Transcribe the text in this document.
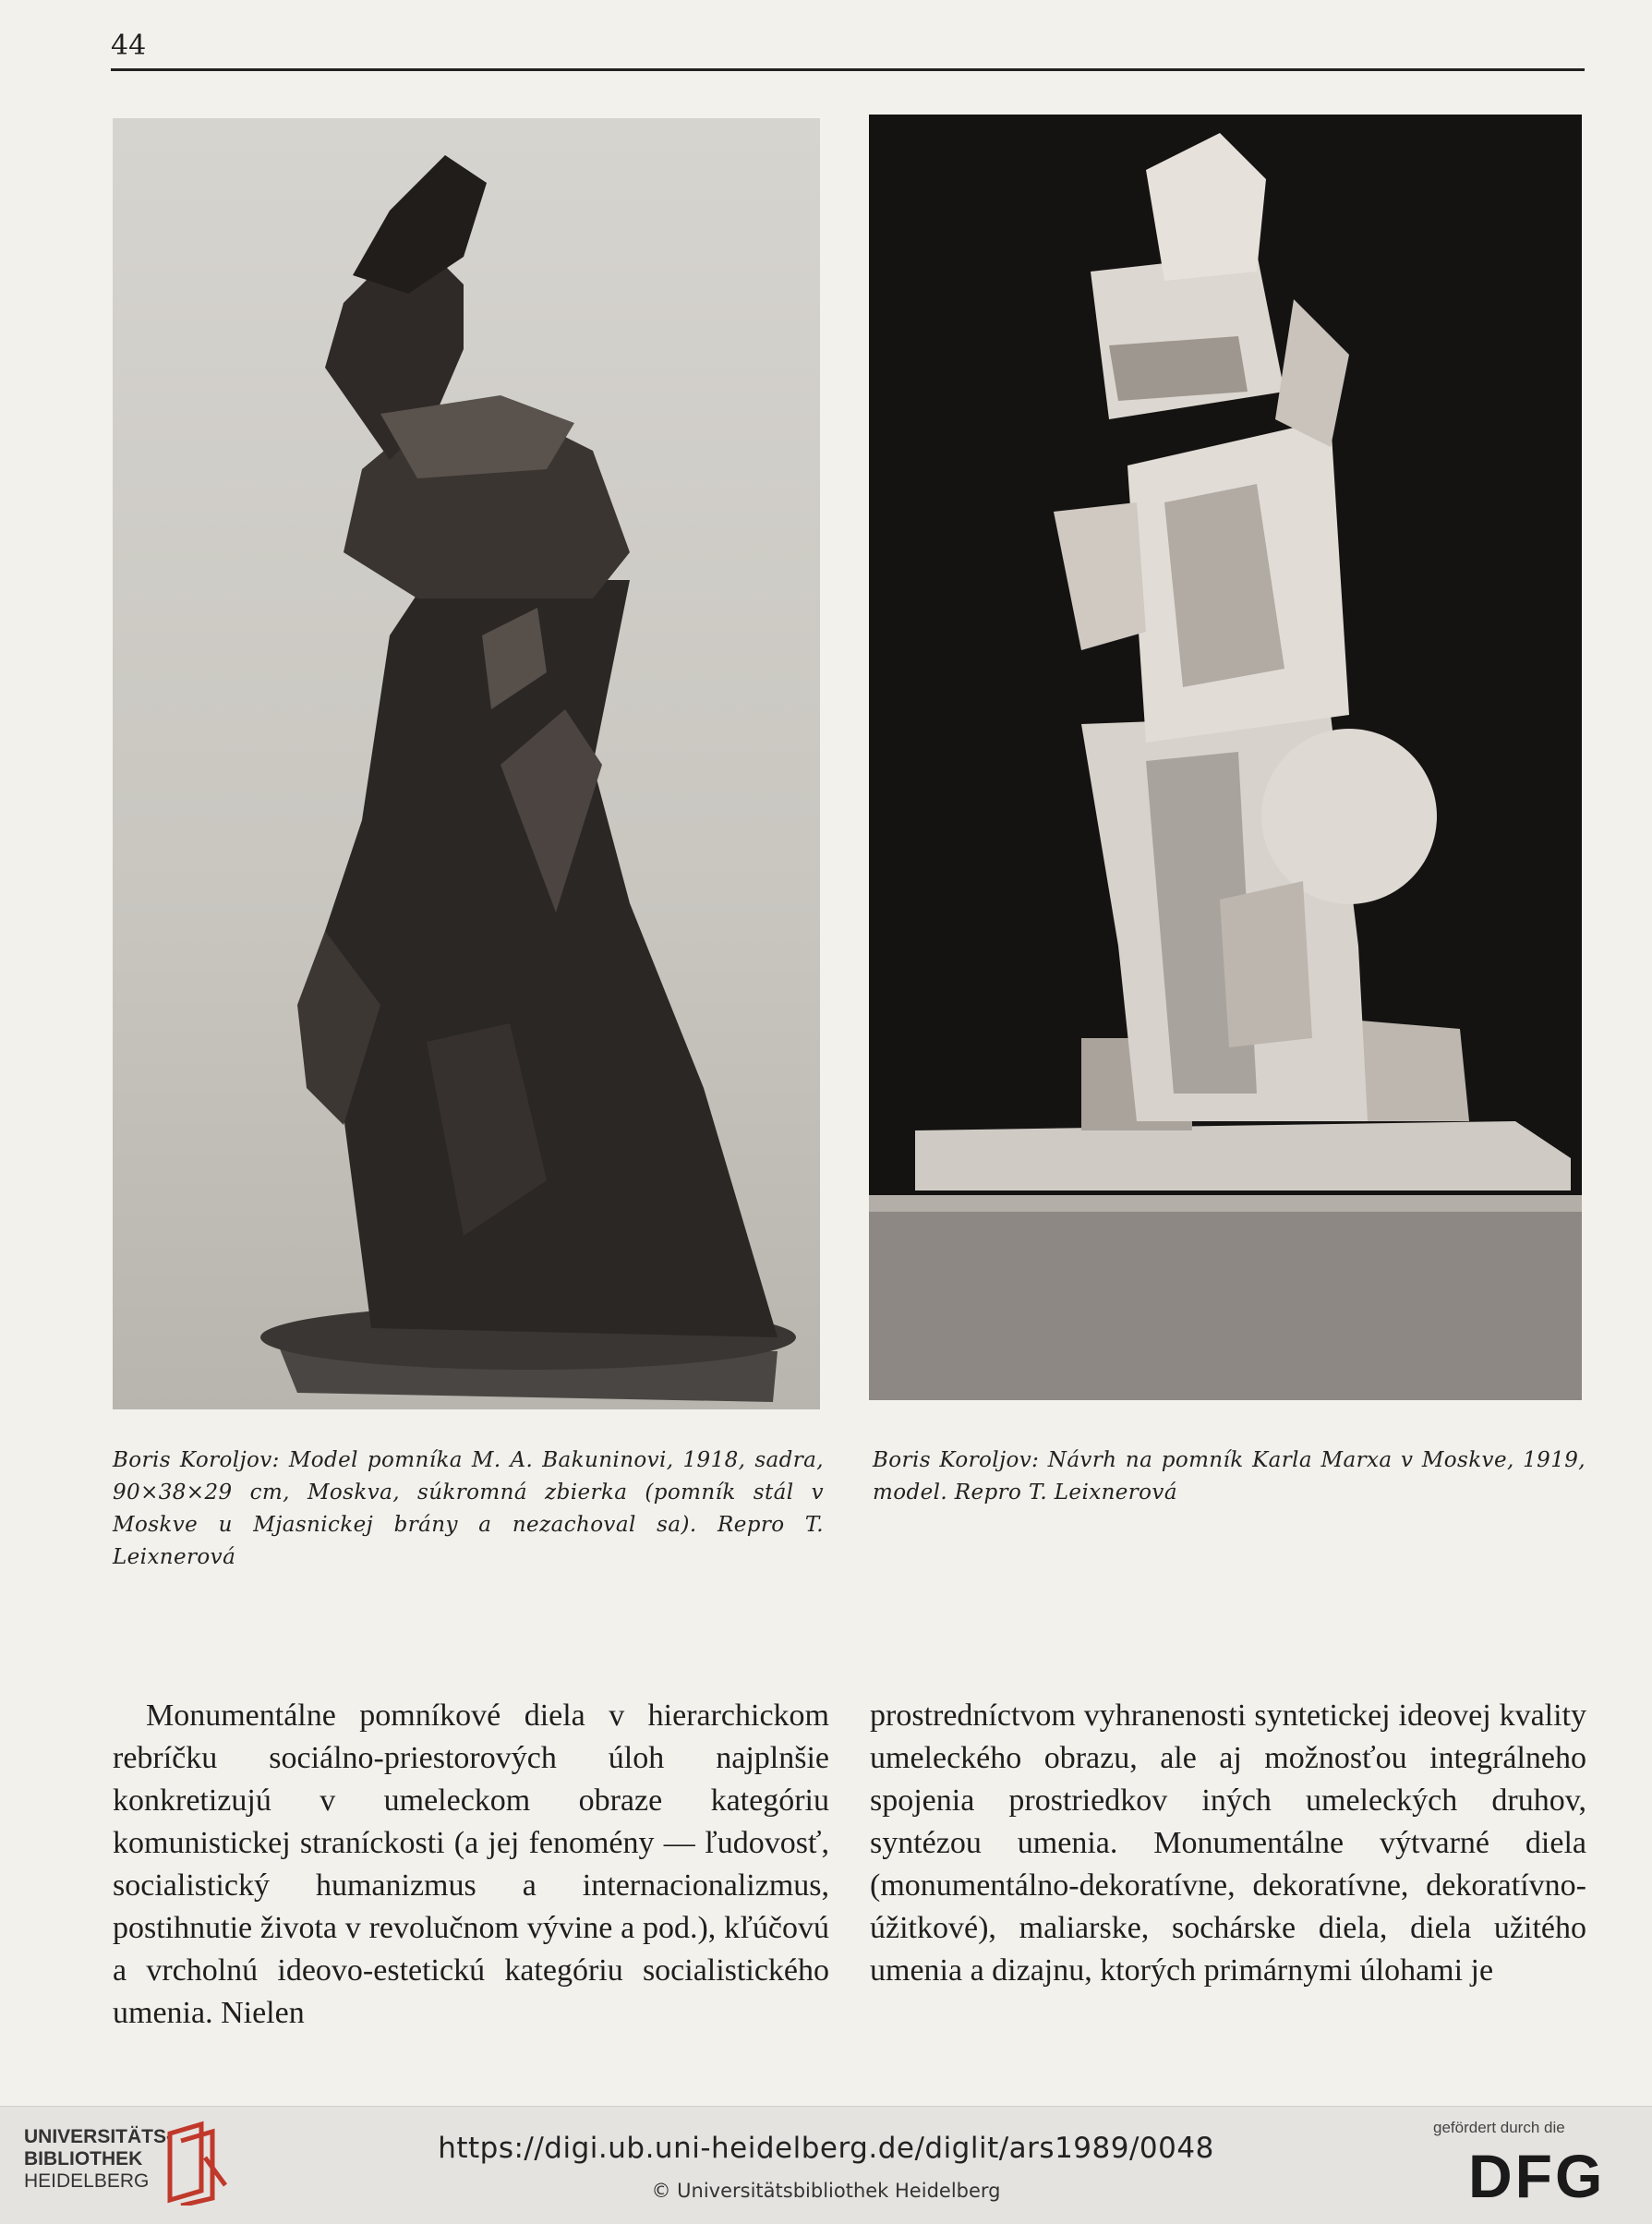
44
Boris Koroljov: Model pomníka M. A. Bakuninovi, 1918, sadra, 90×38×29 cm, Moskva, súkromná zbierka (pomník stál v Moskve u Mjasnickej brány a nezachoval sa). Repro T. Leixnerová
Boris Koroljov: Návrh na pomník Karla Marxa v Moskve, 1919, model. Repro T. Leixnerová

Monumentálne pomníkové diela v hierarchickom rebríčku sociálno-priestorových úloh najplnšie konkretizujú v umeleckom obraze kategóriu komunistickej straníckosti (a jej fenomény — ľudovosť, socialistický humanizmus a internacionalizmus, postihnutie života v revolučnom vývine a pod.), kľúčovú a vrcholnú ideovo-estetickú kategóriu socialistického umenia. Nielen

prostredníctvom vyhranenosti syntetickej ideovej kvality umeleckého obrazu, ale aj možnosťou integrálneho spojenia prostriedkov iných umeleckých druhov, syntézou umenia. Monumentálne výtvarné diela (monumentálno-dekoratívne, dekoratívne, dekoratívno-úžitkové), maliarske, sochárske diela, diela užitého umenia a dizajnu, ktorých primárnymi úlohami je

UNIVERSITÄTS-
BIBLIOTHEK
HEIDELBERG
https://digi.ub.uni-heidelberg.de/diglit/ars1989/0048
© Universitätsbibliothek Heidelberg
gefördert durch die
DFG
